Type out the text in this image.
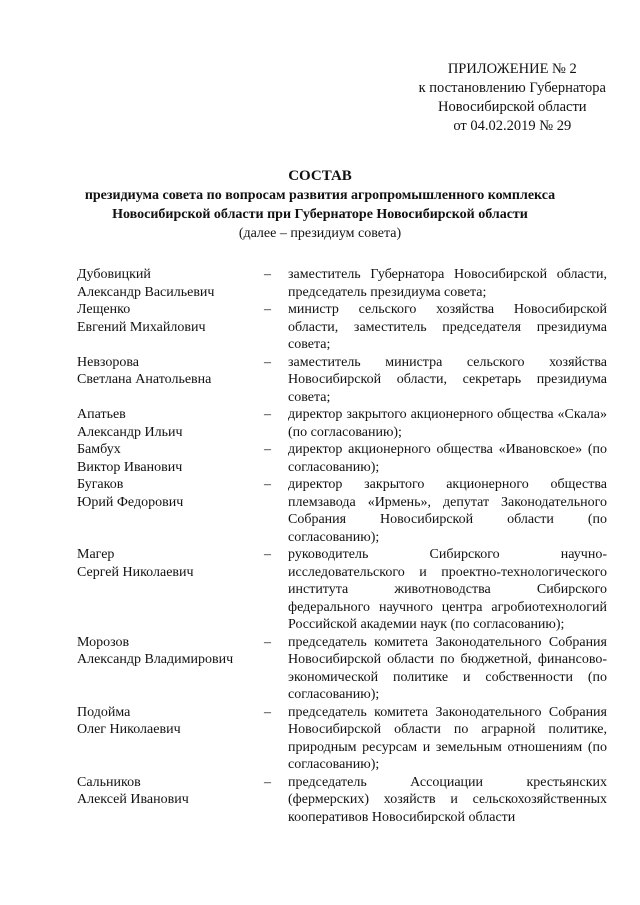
ПРИЛОЖЕНИЕ № 2
к постановлению Губернатора
Новосибирской области
от 04.02.2019 № 29
СОСТАВ
президиума совета по вопросам развития агропромышленного комплекса
Новосибирской области при Губернаторе Новосибирской области
(далее – президиум совета)
Дубовицкий
Александр Васильевич
–	заместитель Губернатора Новосибирской области, председатель президиума совета;
Лещенко
Евгений Михайлович
–	министр сельского хозяйства Новосибирской области, заместитель председателя президиума совета;
Невзорова
Светлана Анатольевна
–	заместитель министра сельского хозяйства Новосибирской области, секретарь президиума совета;
Апатьев
Александр Ильич
–	директор закрытого акционерного общества «Скала» (по согласованию);
Бамбух
Виктор Иванович
–	директор акционерного общества «Ивановское» (по согласованию);
Бугаков
Юрий Федорович
–	директор закрытого акционерного общества племзавода «Ирмень», депутат Законодательного Собрания Новосибирской области (по согласованию);
Магер
Сергей Николаевич
–	руководитель Сибирского научно-исследовательского и проектно-технологического института животноводства Сибирского федерального научного центра агробиотехнологий Российской академии наук (по согласованию);
Морозов
Александр Владимирович
–	председатель комитета Законодательного Собрания Новосибирской области по бюджетной, финансово-экономической политике и собственности (по согласованию);
Подойма
Олег Николаевич
–	председатель комитета Законодательного Собрания Новосибирской области по аграрной политике, природным ресурсам и земельным отношениям (по согласованию);
Сальников
Алексей Иванович
–	председатель Ассоциации крестьянских (фермерских) хозяйств и сельскохозяйственных кооперативов Новосибирской области
